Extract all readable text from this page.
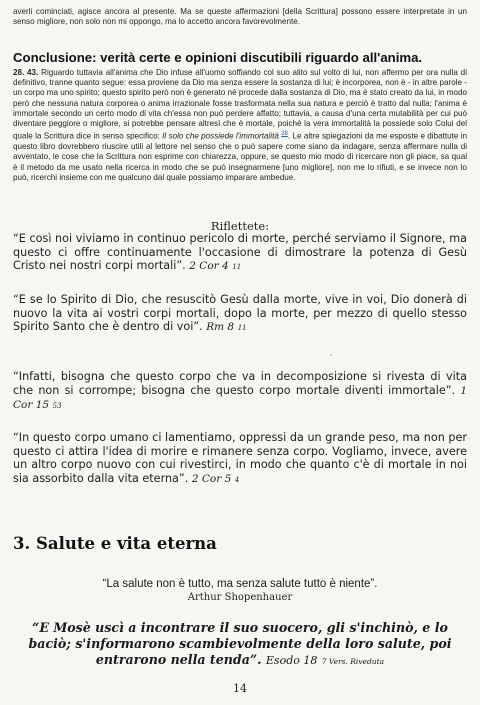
averli cominciati, agisce ancora al presente. Ma se queste affermazioni [della Scrittura] possono essere interpretate in un senso migliore, non solo non mi oppongo, ma lo accetto ancora favorevolmente.
Conclusione: verità certe e opinioni discutibili riguardo all'anima.
28. 43. Riguardo tuttavia all'anima che Dio infuse all'uomo soffiando col suo alito sul volto di lui, non affermo per ora nulla di definitivo, tranne quanto segue: essa proviene da Dio ma senza essere la sostanza di lui; è incorporea, non è - in altre parole - un corpo ma uno spirito; questo spirito però non è generato né procede dalla sostanza di Dio, ma è stato creato da lui, in modo però che nessuna natura corporea o anima irrazionale fosse trasformata nella sua natura e perciò è tratto dal nulla; l'anima è immortale secondo un certo modo di vita ch'essa non può perdere affatto; tuttavia, a causa d'una certa mutabilità per cui può diventare peggiore o migliore, si potrebbe pensare altresì che è mortale, poiché la vera immortalità la possiede solo Colui del quale la Scrittura dice in senso specifico: Il solo che possiede l'immortalità $^{28}$. Le altre spiegazioni da me esposte e dibattute in questo libro dovrebbero riuscire utili al lettore nel senso che o può sapere come siano da indagare, senza affermare nulla di avventato, le cose che la Scrittura non esprime con chiarezza, oppure, se questo mio modo di ricercare non gli piace, sa qual è il metodo da me usato nella ricerca in modo che se può insegnarmene [uno migliore], non me lo rifiuti, e se invece non lo può, ricerchi insieme con me qualcuno dal quale possiamo imparare ambedue.
Riflettete:
“E così noi viviamo in continuo pericolo di morte, perché serviamo il Signore, ma questo ci offre continuamente l'occasione di dimostrare la potenza di Gesù Cristo nei nostri corpi mortali”. 2 Cor 4 11
“E se lo Spirito di Dio, che resuscitò Gesù dalla morte, vive in voi, Dio donerà di nuovo la vita ai vostri corpi mortali, dopo la morte, per mezzo di quello stesso Spirito Santo che è dentro di voi”. Rm 8 11
“Infatti, bisogna che questo corpo che va in decomposizione si rivesta di vita che non si corrompe; bisogna che questo corpo mortale diventi immortale”. 1 Cor 15 53
“In questo corpo umano ci lamentiamo, oppressi da un grande peso, ma non per questo ci attira l'idea di morire e rimanere senza corpo. Vogliamo, invece, avere un altro corpo nuovo con cui rivestirci, in modo che quanto c'è di mortale in noi sia assorbito dalla vita eterna”. 2 Cor 5 4
3. Salute e vita eterna
“La salute non è tutto, ma senza salute tutto è niente”.
Arthur Shopenhauer
“E Mosè uscì a incontrare il suo suocero, gli s'inchinò, e lo baciò; s'informarono scambievolmente della loro salute, poi entrarono nella tenda”. Esodo 18 7 Vers. Riveduta
14
